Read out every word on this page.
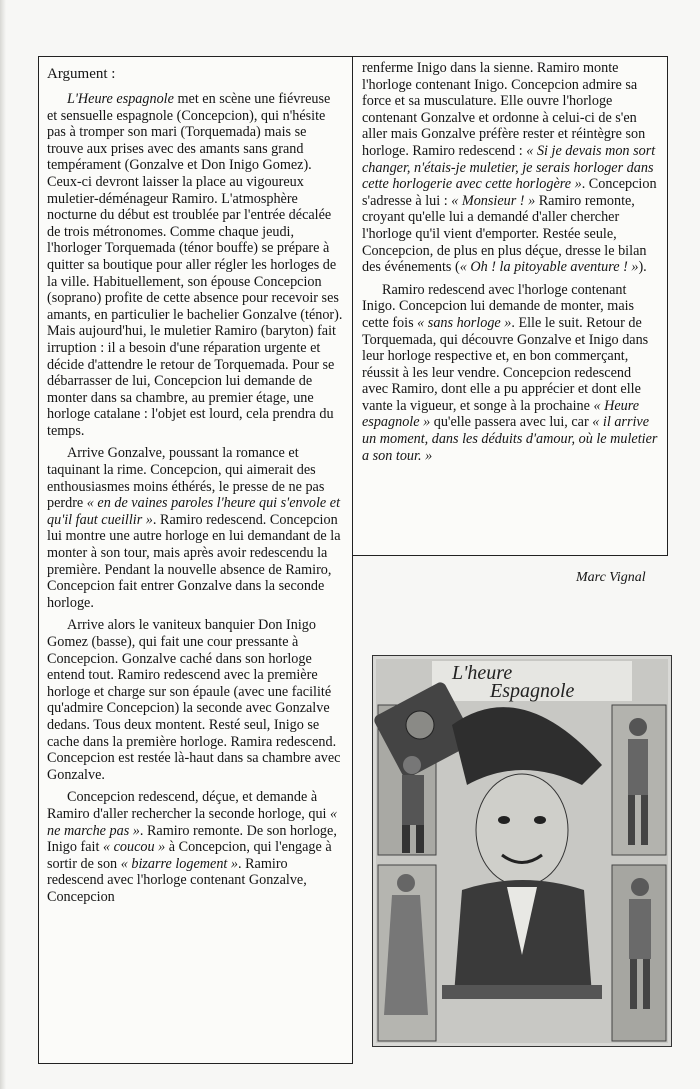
Argument :

L'Heure espagnole met en scène une fiévreuse et sensuelle espagnole (Concepcion), qui n'hésite pas à tromper son mari (Torquemada) mais se trouve aux prises avec des amants sans grand tempérament (Gonzalve et Don Inigo Gomez). Ceux-ci devront laisser la place au vigoureux muletier-déménageur Ramiro. L'atmosphère nocturne du début est troublée par l'entrée décalée de trois métronomes. Comme chaque jeudi, l'horloger Torquemada (ténor bouffe) se prépare à quitter sa boutique pour aller régler les horloges de la ville. Habituellement, son épouse Concepcion (soprano) profite de cette absence pour recevoir ses amants, en particulier le bachelier Gonzalve (ténor). Mais aujourd'hui, le muletier Ramiro (baryton) fait irruption : il a besoin d'une réparation urgente et décide d'attendre le retour de Torquemada. Pour se débarrasser de lui, Concepcion lui demande de monter dans sa chambre, au premier étage, une horloge catalane : l'objet est lourd, cela prendra du temps.

Arrive Gonzalve, poussant la romance et taquinant la rime. Concepcion, qui aimerait des enthousiasmes moins éthérés, le presse de ne pas perdre « en de vaines paroles l'heure qui s'envole et qu'il faut cueillir ». Ramiro redescend. Concepcion lui montre une autre horloge en lui demandant de la monter à son tour, mais après avoir redescendu la première. Pendant la nouvelle absence de Ramiro, Concepcion fait entrer Gonzalve dans la seconde horloge.

Arrive alors le vaniteux banquier Don Inigo Gomez (basse), qui fait une cour pressante à Concepcion. Gonzalve caché dans son horloge entend tout. Ramiro redescend avec la première horloge et charge sur son épaule (avec une facilité qu'admire Concepcion) la seconde avec Gonzalve dedans. Tous deux montent. Resté seul, Inigo se cache dans la première horloge. Ramira redescend. Concepcion est restée là-haut dans sa chambre avec Gonzalve.

Concepcion redescend, déçue, et demande à Ramiro d'aller rechercher la seconde horloge, qui « ne marche pas ». Ramiro remonte. De son horloge, Inigo fait « coucou » à Concepcion, qui l'engage à sortir de son « bizarre logement ». Ramiro redescend avec l'horloge contenant Gonzalve, Concepcion

renferme Inigo dans la sienne. Ramiro monte l'horloge contenant Inigo. Concepcion admire sa force et sa musculature. Elle ouvre l'horloge contenant Gonzalve et ordonne à celui-ci de s'en aller mais Gonzalve préfère rester et réintègre son horloge. Ramiro redescend : « Si je devais mon sort changer, n'étais-je muletier, je serais horloger dans cette horlogerie avec cette horlogère ». Concepcion s'adresse à lui : « Monsieur ! » Ramiro remonte, croyant qu'elle lui a demandé d'aller chercher l'horloge qu'il vient d'emporter. Restée seule, Concepcion, de plus en plus déçue, dresse le bilan des événements (« Oh ! la pitoyable aventure ! »).

Ramiro redescend avec l'horloge contenant Inigo. Concepcion lui demande de monter, mais cette fois « sans horloge ». Elle le suit. Retour de Torquemada, qui découvre Gonzalve et Inigo dans leur horloge respective et, en bon commerçant, réussit à les leur vendre. Concepcion redescend avec Ramiro, dont elle a pu apprécier et dont elle vante la vigueur, et songe à la prochaine « Heure espagnole » qu'elle passera avec lui, car « il arrive un moment, dans les déduits d'amour, où le muletier a son tour. »

Marc Vignal
L'heure
Espagnole
